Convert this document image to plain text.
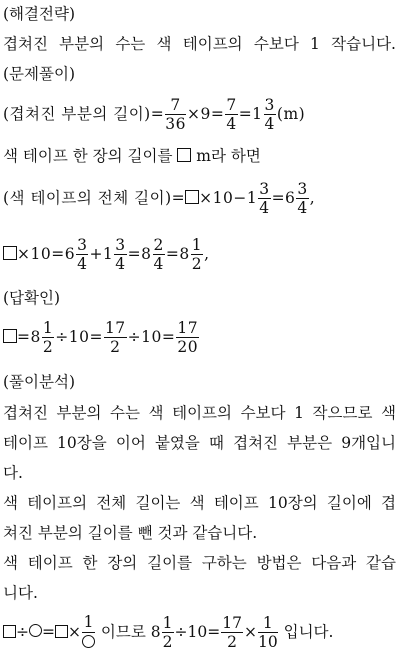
(해결전략)
겹쳐진 부분의 수는 색 테이프의 수보다 1 작습니다.
(문제풀이)
(겹쳐진 부분의 길이)= $\frac{7}{36} \times 9= \frac{7}{4} =1 \frac{3}{4} (m)$
색 테이프 한 장의 길이를  m라 하면
(색 테이프의 전체 길이)= $\times 10-1 \frac{3}{4} =6 \frac{3}{4}$ ,
$\times 10=6 \frac{3}{4} +1 \frac{3}{4} =8 \frac{2}{4} =8 \frac{1}{2}$ ,
(답확인)
$=8 \frac{1}{2} \div 10= \frac{17}{2} \div 10= \frac{17}{20}$
(풀이분석)
겹쳐진 부분의 수는 색 테이프의 수보다 1 작으므로 색
테이프 10장을 이어 붙였을 때 겹쳐진 부분은 9개입니
다.
색 테이프의 전체 길이는 색 테이프 10장의 길이에 겹
쳐진 부분의 길이를 뺀 것과 같습니다.
색 테이프 한 장의 길이를 구하는 방법은 다음과 같습
니다.
÷ = ×
1
이므로 $8 \frac{1}{2} \div 10= \frac{17}{2} \times \frac{1}{10}$ 입니다.
